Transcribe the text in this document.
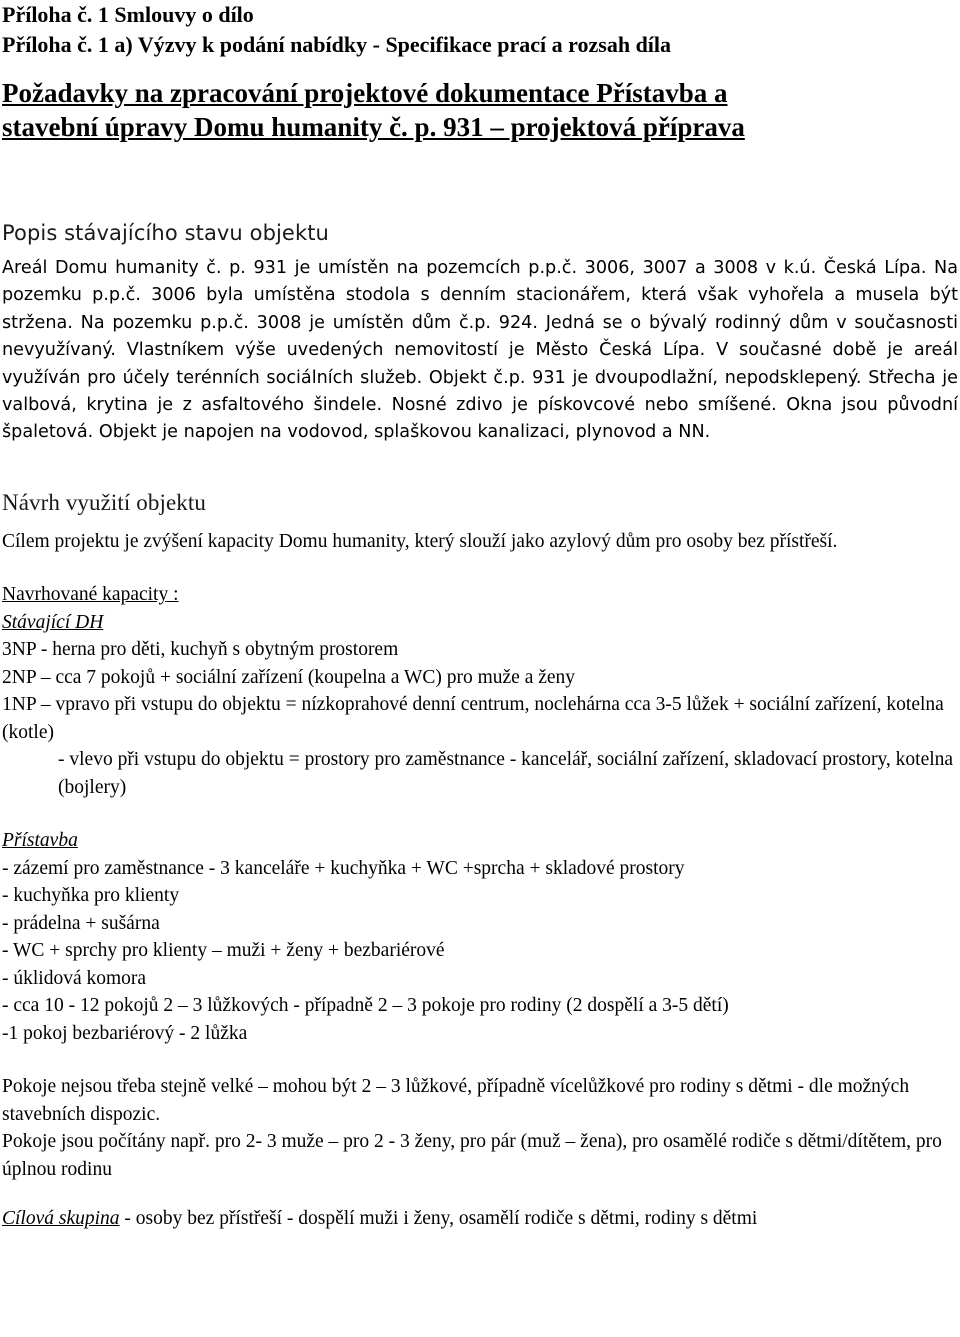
Příloha č. 1 Smlouvy o dílo

Příloha č. 1 a) Výzvy k podání nabídky - Specifikace prací a rozsah díla

Požadavky na zpracování projektové dokumentace Přístavba a
stavební úpravy Domu humanity č. p. 931 – projektová příprava

Popis stávajícího stavu objektu

Areál Domu humanity č. p. 931 je umístěn na pozemcích p.p.č. 3006, 3007 a 3008 v k.ú. Česká Lípa. Na pozemku p.p.č. 3006 byla umístěna stodola s denním stacionářem, která však vyhořela a musela být stržena. Na pozemku p.p.č. 3008 je umístěn dům č.p. 924. Jedná se o bývalý rodinný dům v současnosti nevyužívaný. Vlastníkem výše uvedených nemovitostí je Město Česká Lípa. V současné době je areál využíván pro účely terénních sociálních služeb. Objekt č.p. 931 je dvoupodlažní, nepodsklepený. Střecha je valbová, krytina je z asfaltového šindele. Nosné zdivo je pískovcové nebo smíšené. Okna jsou původní špaletová. Objekt je napojen na vodovod, splaškovou kanalizaci, plynovod a NN.

Návrh využití objektu

Cílem projektu je zvýšení kapacity Domu humanity, který slouží jako azylový dům pro osoby bez přístřeší.

Navrhované kapacity :

Stávající DH

3NP - herna pro děti, kuchyň s obytným prostorem

2NP – cca 7 pokojů + sociální zařízení (koupelna a WC) pro muže a ženy

1NP – vpravo při vstupu do objektu = nízkoprahové denní centrum, noclehárna cca 3-5 lůžek + sociální zařízení, kotelna (kotle)

- vlevo při vstupu do objektu = prostory pro zaměstnance - kancelář, sociální zařízení, skladovací prostory, kotelna (bojlery)

Přístavba

- zázemí pro zaměstnance - 3 kanceláře + kuchyňka + WC +sprcha + skladové prostory

- kuchyňka pro klienty

- prádelna + sušárna

- WC + sprchy pro klienty – muži + ženy + bezbariérové

- úklidová komora

- cca 10 - 12 pokojů 2 – 3 lůžkových - případně 2 – 3 pokoje pro rodiny (2 dospělí a 3-5 dětí)

-1 pokoj bezbariérový - 2 lůžka

Pokoje nejsou třeba stejně velké – mohou být 2 – 3 lůžkové, případně vícelůžkové pro rodiny s dětmi - dle možných stavebních dispozic.

Pokoje jsou počítány např. pro 2- 3 muže – pro 2 - 3 ženy, pro pár (muž – žena), pro osamělé rodiče s dětmi/dítětem, pro úplnou rodinu

Cílová skupina - osoby bez přístřeší - dospělí muži i ženy, osamělí rodiče s dětmi, rodiny s dětmi
